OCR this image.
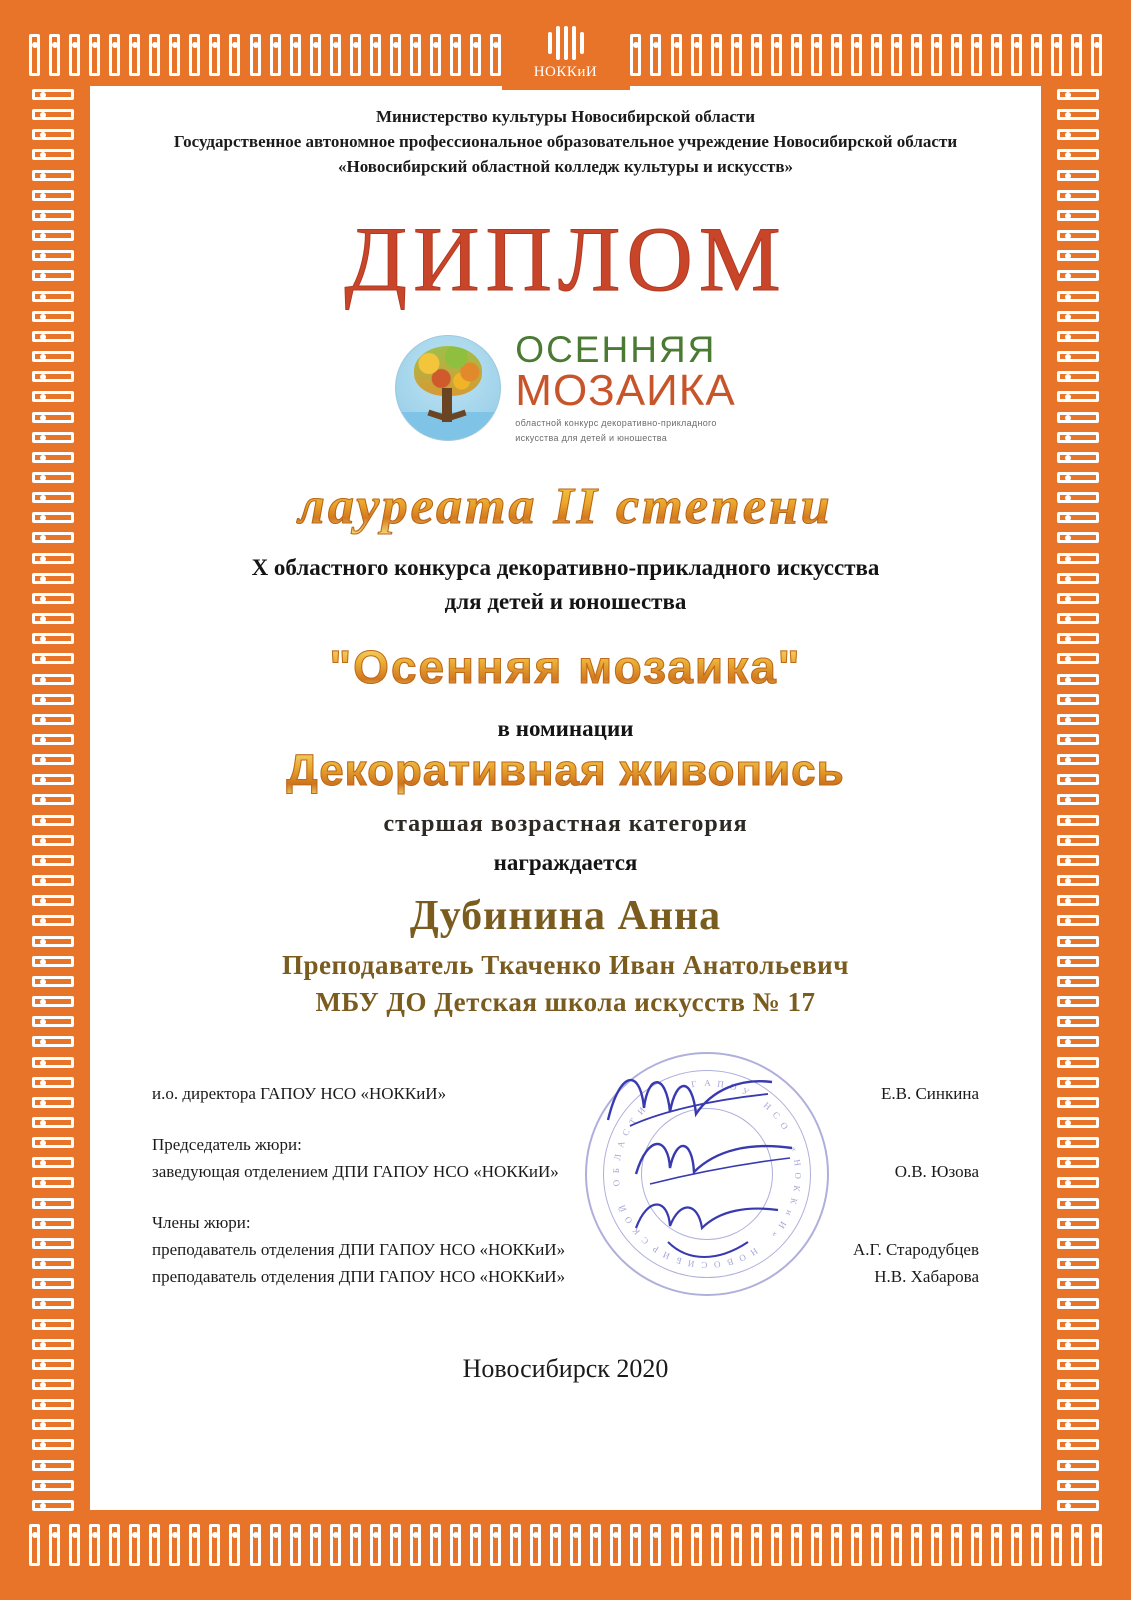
НОККиИ
Министерство культуры Новосибирской области
Государственное автономное профессиональное образовательное учреждение Новосибирской области
«Новосибирский областной колледж культуры и искусств»
ДИПЛОМ
ОСЕННЯЯ
МОЗАИКА
областной конкурс декоративно-прикладного
искусства для детей и юношества
лауреата II степени
X областного конкурса декоративно-прикладного искусства
для детей и юношества
"Осенняя мозаика"
в номинации
Декоративная живопись
старшая возрастная категория
награждается
Дубинина Анна
Преподаватель Ткаченко Иван Анатольевич
МБУ ДО Детская школа искусств № 17
Г А П О У
Н
С
О
«
Н
О
К
К
и
И
»
Н
О
В
О
С
И
Б
И
Р
С
К
О
Й
О
Б
Л
А
С
Т
И
и.о. директора ГАПОУ НСО «НОККиИ»	Е.В. Синкина
Председатель жюри:
заведующая отделением ДПИ ГАПОУ НСО «НОККиИ»	О.В. Юзова
Члены жюри:
преподаватель отделения ДПИ ГАПОУ НСО «НОККиИ»	А.Г. Стародубцев
преподаватель отделения ДПИ ГАПОУ НСО «НОККиИ»	Н.В. Хабарова
Новосибирск 2020
